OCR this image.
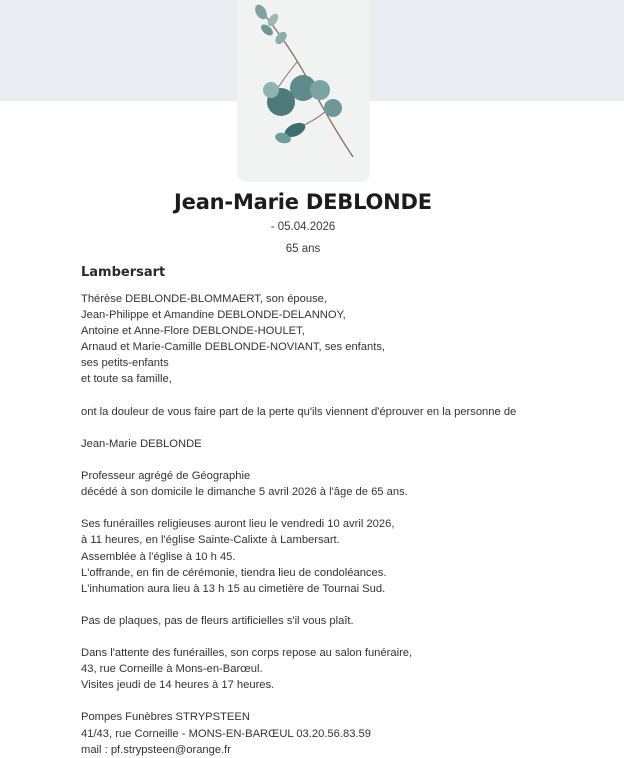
Jean-Marie DEBLONDE
- 05.04.2026
65 ans
Lambersart
Thérèse DEBLONDE-BLOMMAERT, son épouse,
Jean-Philippe et Amandine DEBLONDE-DELANNOY,
Antoine et Anne-Flore DEBLONDE-HOULET,
Arnaud et Marie-Camille DEBLONDE-NOVIANT, ses enfants,
ses petits-enfants
et toute sa famille,
ont la douleur de vous faire part de la perte qu'ils viennent d'éprouver en la personne de
Jean-Marie DEBLONDE
Professeur agrégé de Géographie
décédé à son domicile le dimanche 5 avril 2026 à l'âge de 65 ans.
Ses funérailles religieuses auront lieu le vendredi 10 avril 2026,
à 11 heures, en l'église Sainte-Calixte à Lambersart.
Assemblée à l'église à 10 h 45.
L'offrande, en fin de cérémonie, tiendra lieu de condoléances.
L'inhumation aura lieu à 13 h 15 au cimetière de Tournai Sud.
Pas de plaques, pas de fleurs artificielles s'il vous plaît.
Dans l'attente des funérailles, son corps repose au salon funéraire,
43, rue Corneille à Mons-en-Barœul.
Visites jeudi de 14 heures à 17 heures.
Pompes Funèbres STRYPSTEEN
41/43, rue Corneille - MONS-EN-BARŒUL 03.20.56.83.59
mail : pf.strypsteen@orange.fr
